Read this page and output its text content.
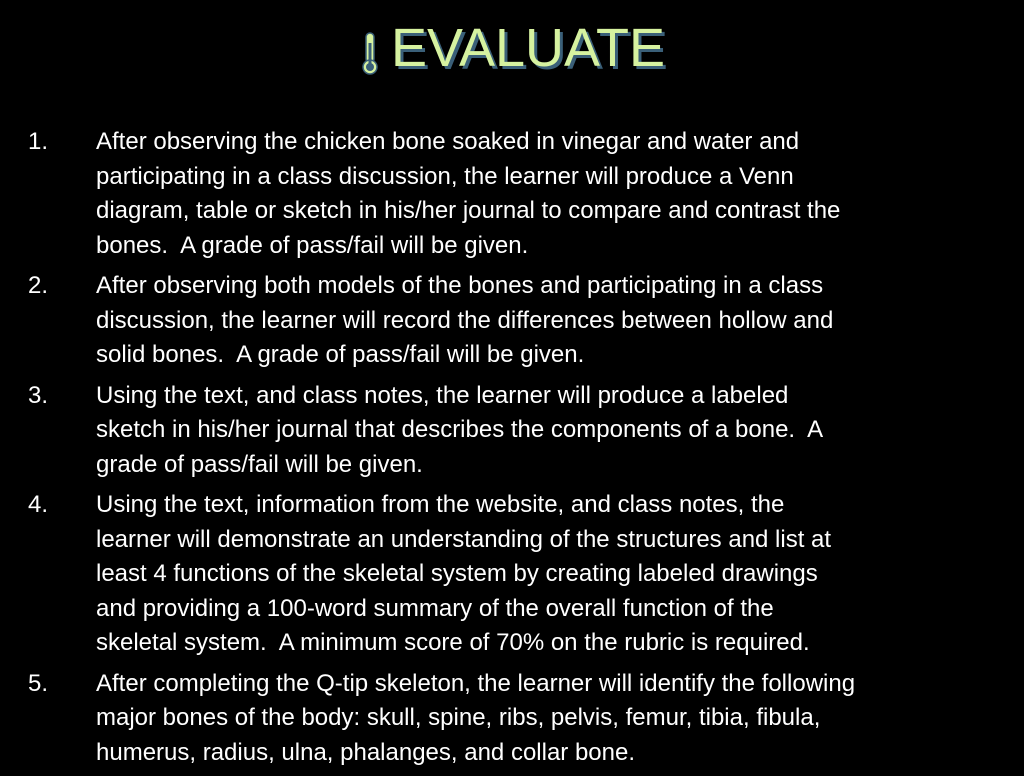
EVALUATE
1.	After observing the chicken bone soaked in vinegar and water and
participating in a class discussion, the learner will produce a Venn
diagram, table or sketch in his/her journal to compare and contrast the
bones.  A grade of pass/fail will be given.
2.	After observing both models of the bones and participating in a class
discussion, the learner will record the differences between hollow and
solid bones.  A grade of pass/fail will be given.
3.	Using the text, and class notes, the learner will produce a labeled
sketch in his/her journal that describes the components of a bone.  A
grade of pass/fail will be given.
4.	Using the text, information from the website, and class notes, the
learner will demonstrate an understanding of the structures and list at
least 4 functions of the skeletal system by creating labeled drawings
and providing a 100-word summary of the overall function of the
skeletal system.  A minimum score of 70% on the rubric is required.
5.	After completing the Q-tip skeleton, the learner will identify the following
major bones of the body: skull, spine, ribs, pelvis, femur, tibia, fibula,
humerus, radius, ulna, phalanges, and collar bone.
